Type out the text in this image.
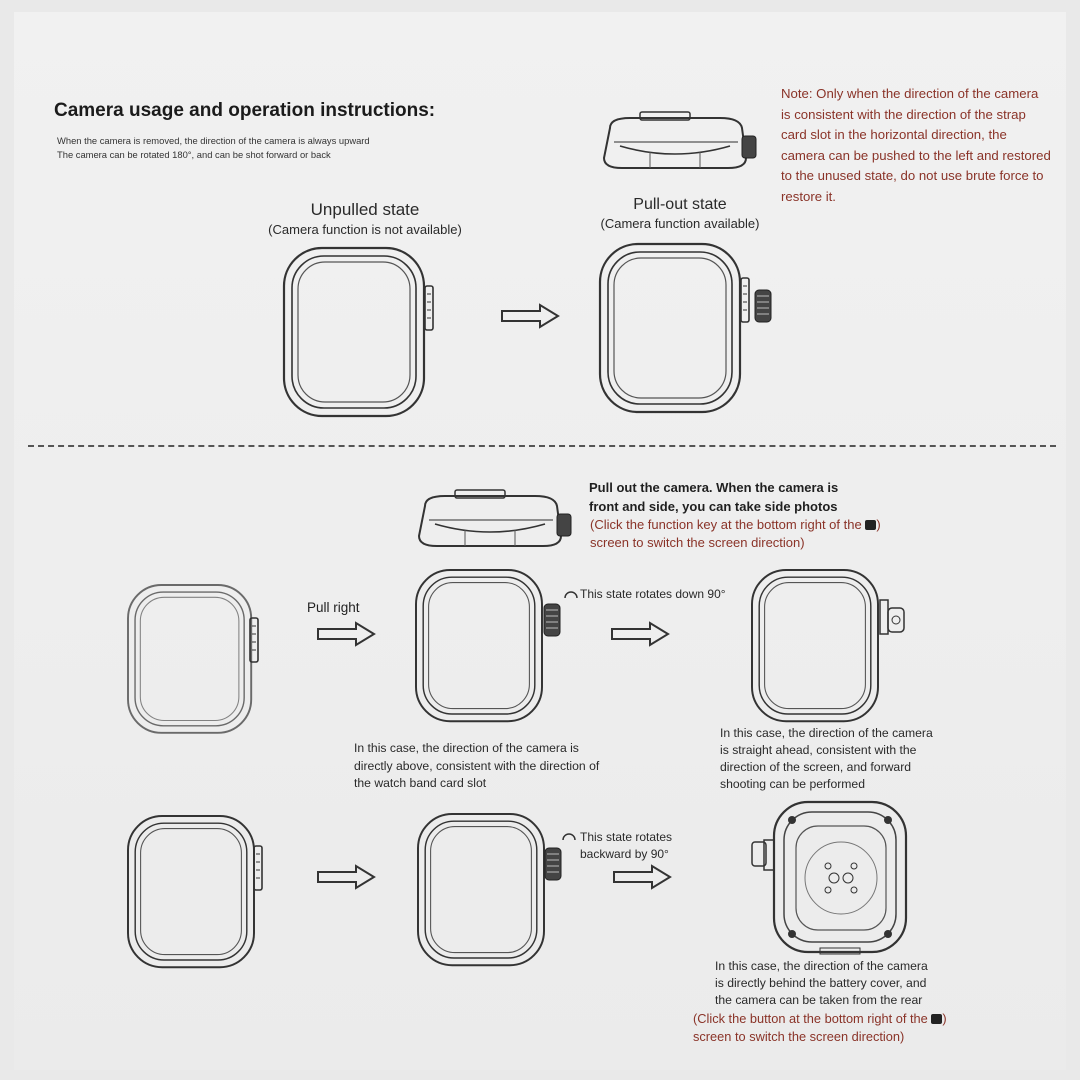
Camera usage and operation instructions:
When the camera is removed, the direction of the camera is always upward
The camera can be rotated 180°, and can be shot forward or back
Unpulled state
(Camera function is not available)
Pull-out state
(Camera function available)
Note: Only when the direction of the camera is consistent with the direction of the strap card slot in the horizontal direction, the camera can be pushed to the left and restored to the unused state, do not use brute force to restore it.
Pull out the camera. When the camera is
front and side, you can take side photos
(Click the function key at the bottom right of the )
screen to switch the screen direction)
Pull right
This state rotates down 90°
In this case, the direction of the camera is
directly above, consistent with the direction of
the watch band card slot
In this case, the direction of the camera
is straight ahead, consistent with the
direction of the screen, and forward
shooting can be performed
This state rotates
backward by 90°
In this case, the direction of the camera
is directly behind the battery cover, and
the camera can be taken from the rear
(Click the button at the bottom right of the )
screen to switch the screen direction)
